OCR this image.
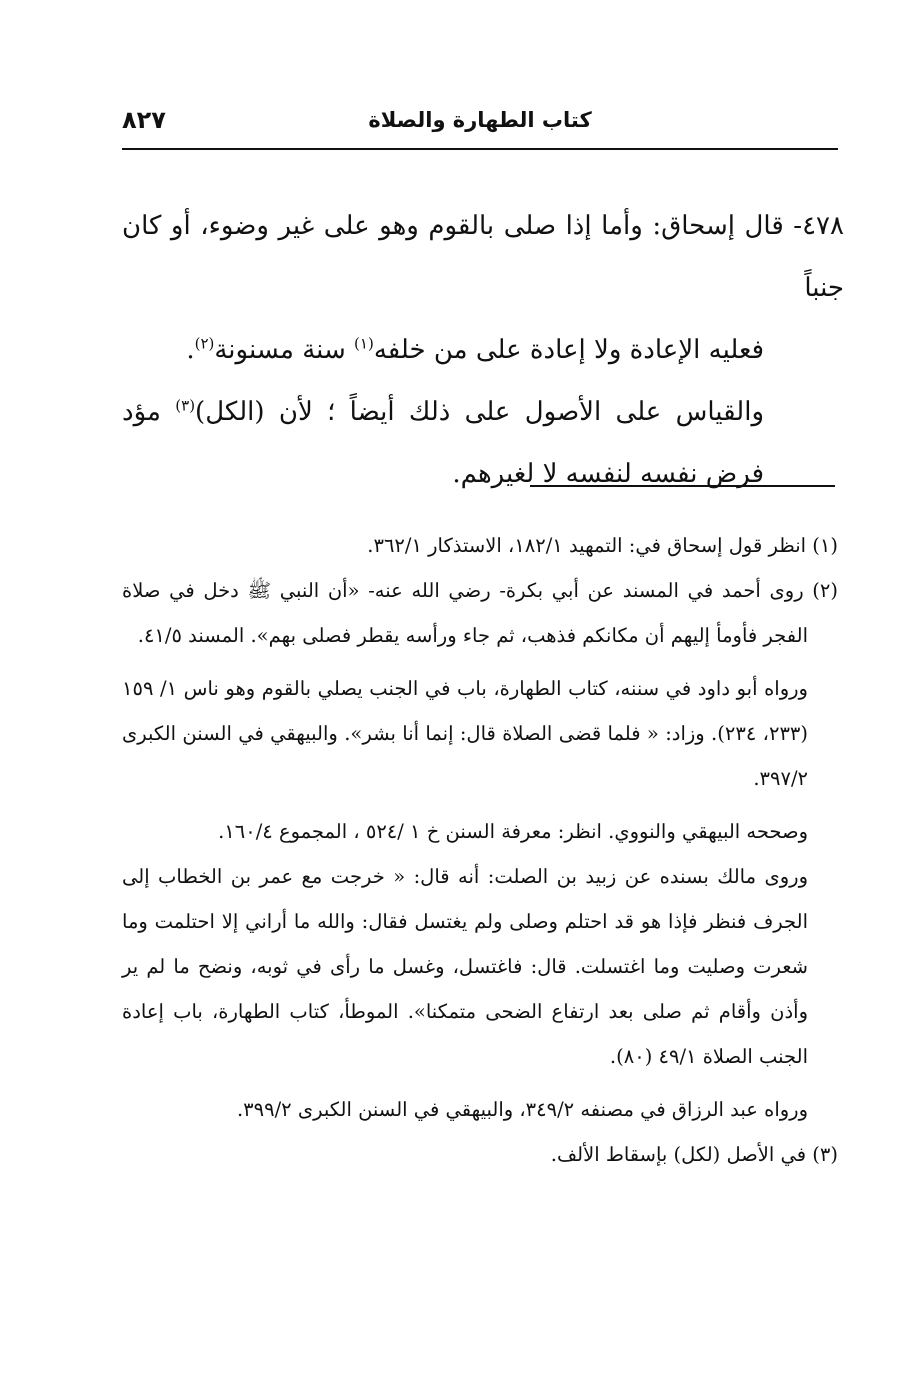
كتاب الطهارة والصلاة
٨٢٧

٤٧٨- قال إسحاق: وأما إذا صلى بالقوم وهو على غير وضوء، أو كان جنباً

فعليه الإعادة ولا إعادة على من خلفه$^{(١)}$ سنة مسنونة$^{(٢)}$.

والقياس على الأصول على ذلك أيضاً ؛ لأن (الكل)$^{(٣)}$ مؤد فرض نفسه لنفسه لا لغيرهم.

(١) انظر قول إسحاق في: التمهيد ١٨٢/١، الاستذكار ٣٦٢/١.

(٢) روى أحمد في المسند عن أبي بكرة- رضي الله عنه- «أن النبي ﷺ دخل في صلاة الفجر فأومأ إليهم أن مكانكم فذهب، ثم جاء ورأسه يقطر فصلى بهم». المسند ٤١/٥.

ورواه أبو داود في سننه، كتاب الطهارة، باب في الجنب يصلي بالقوم وهو ناس ١/ ١٥٩ (٢٣٣، ٢٣٤). وزاد: « فلما قضى الصلاة قال: إنما أنا بشر». والبيهقي في السنن الكبرى ٣٩٧/٢.

وصححه البيهقي والنووي. انظر: معرفة السنن خ ١ /٥٢٤ ، المجموع ١٦٠/٤.

وروى مالك بسنده عن زبيد بن الصلت: أنه قال: « خرجت مع عمر بن الخطاب إلى الجرف فنظر فإذا هو قد احتلم وصلى ولم يغتسل فقال: والله ما أراني إلا احتلمت وما شعرت وصليت وما اغتسلت. قال: فاغتسل، وغسل ما رأى في ثوبه، ونضح ما لم ير وأذن وأقام ثم صلى بعد ارتفاع الضحى متمكنا». الموطأ، كتاب الطهارة، باب إعادة الجنب الصلاة ٤٩/١ (٨٠).

ورواه عبد الرزاق في مصنفه ٣٤٩/٢، والبيهقي في السنن الكبرى ٣٩٩/٢.

(٣) في الأصل (لكل) بإسقاط الألف.
